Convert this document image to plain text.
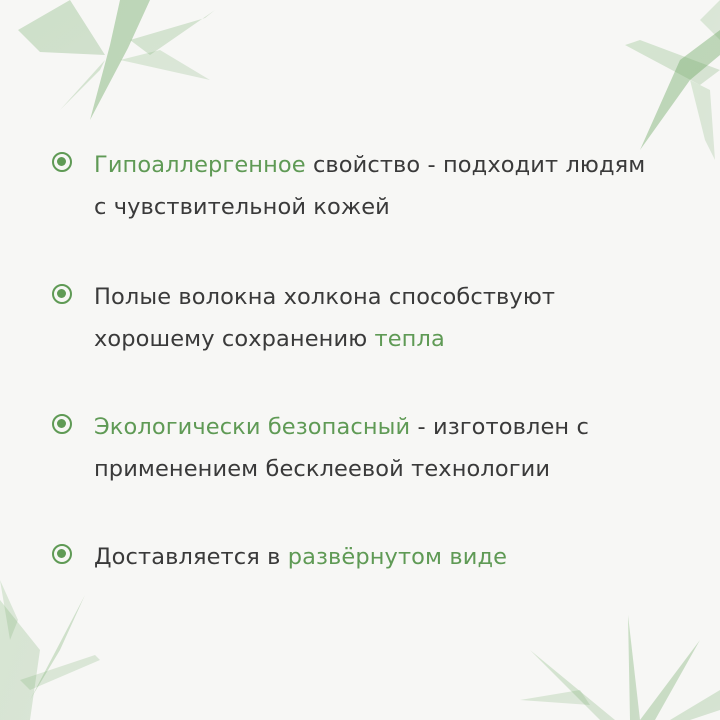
Гипоаллергенное свойство - подходит людям
с чувствительной кожей
Полые волокна холкона способствуют
хорошему сохранению тепла
Экологически безопасный - изготовлен с
применением бесклеевой технологии
Доставляется в развёрнутом виде
